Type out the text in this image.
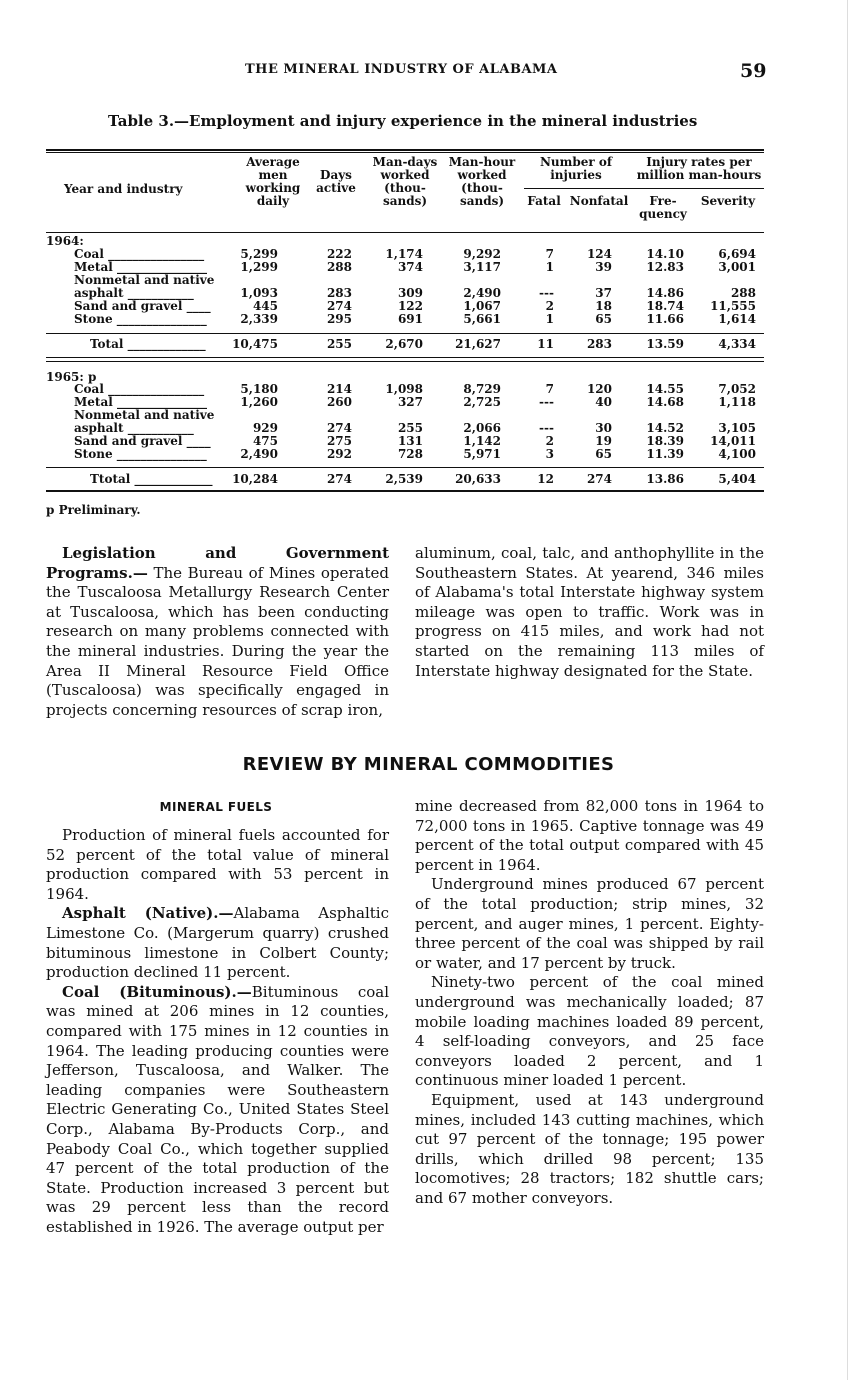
THE MINERAL INDUSTRY OF ALABAMA	59
Table 3.—Employment and injury experience in the mineral industries
Year and industry
Average
men
working
daily
Days
active
Man-days
worked
(thou-
sands)
Man-hour
worked
(thou-
sands)
Number of
injuries
Fatal Nonfatal
Injury rates per
million man-hours
Fre-
quency
Severity
1964:
1965: p
Coal ________________	5,299	222	1,174	9,292	7	124	14.10	6,694
Metal _______________	1,299	288	374	3,117	1	39	12.83	3,001
Nonmetal and native
asphalt ___________	1,093	283	309	2,490	---	37	14.86	288
Sand and gravel ____	445	274	122	1,067	2	18	18.74	11,555
Stone _______________	2,339	295	691	5,661	1	65	11.66	1,614
Total _____________	10,475	255	2,670	21,627	11	283	13.59	4,334
Coal ________________	5,180	214	1,098	8,729	7	120	14.55	7,052
Metal _______________	1,260	260	327	2,725	---	40	14.68	1,118
Nonmetal and native
asphalt ___________	929	274	255	2,066	---	30	14.52	3,105
Sand and gravel ____	475	275	131	1,142	2	19	18.39	14,011
Stone _______________	2,490	292	728	5,971	3	65	11.39	4,100
Ttotal _____________	10,284	274	2,539	20,633	12	274	13.86	5,404
p Preliminary.

Legislation and Government Programs.— The Bureau of Mines operated the Tuscaloosa Metallurgy Research Center at Tuscaloosa, which has been conducting research on many problems connected with the mineral industries. During the year the Area II Mineral Resource Field Office (Tuscaloosa) was specifically engaged in projects concerning resources of scrap iron,

aluminum, coal, talc, and anthophyllite in the Southeastern States. At yearend, 346 miles of Alabama's total Interstate highway system mileage was open to traffic. Work was in progress on 415 miles, and work had not started on the remaining 113 miles of Interstate highway designated for the State.

REVIEW BY MINERAL COMMODITIES
MINERAL FUELS

Production of mineral fuels accounted for 52 percent of the total value of mineral production compared with 53 percent in 1964.

Asphalt (Native).—Alabama Asphaltic Limestone Co. (Margerum quarry) crushed bituminous limestone in Colbert County; production declined 11 percent.

Coal (Bituminous).—Bituminous coal was mined at 206 mines in 12 counties, compared with 175 mines in 12 counties in 1964. The leading producing counties were Jefferson, Tuscaloosa, and Walker. The leading companies were Southeastern Electric Generating Co., United States Steel Corp., Alabama By-Products Corp., and Peabody Coal Co., which together supplied 47 percent of the total production of the State. Production increased 3 percent but was 29 percent less than the record established in 1926. The average output per

mine decreased from 82,000 tons in 1964 to 72,000 tons in 1965. Captive tonnage was 49 percent of the total output compared with 45 percent in 1964.

Underground mines produced 67 percent of the total production; strip mines, 32 percent, and auger mines, 1 percent. Eighty-three percent of the coal was shipped by rail or water, and 17 percent by truck.

Ninety-two percent of the coal mined underground was mechanically loaded; 87 mobile loading machines loaded 89 percent, 4 self-loading conveyors, and 25 face conveyors loaded 2 percent, and 1 continuous miner loaded 1 percent.

Equipment, used at 143 underground mines, included 143 cutting machines, which cut 97 percent of the tonnage; 195 power drills, which drilled 98 percent; 135 locomotives; 28 tractors; 182 shuttle cars; and 67 mother conveyors.
